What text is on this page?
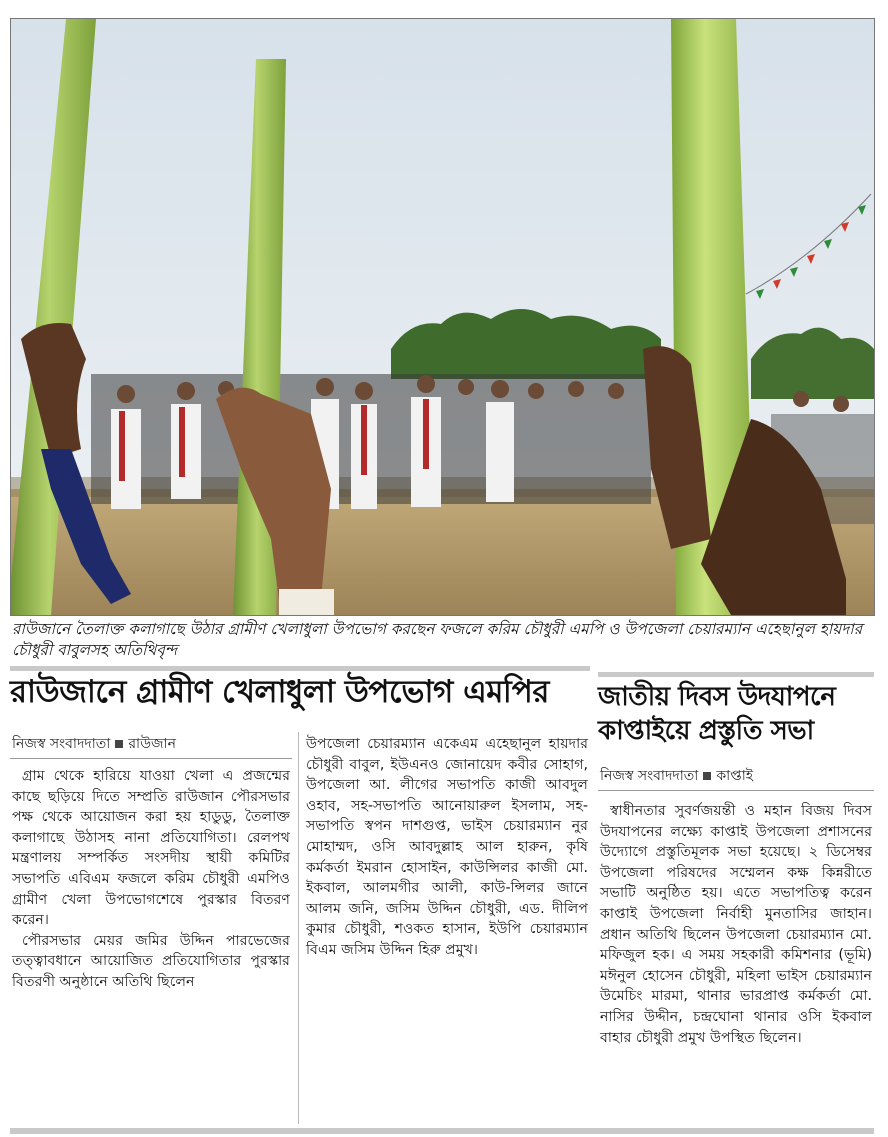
রাউজানে তৈলাক্ত কলাগাছে উঠার গ্রামীণ খেলাধুলা উপভোগ করছেন ফজলে করিম চৌধুরী এমপি ও উপজেলা চেয়ারম্যান এহেছানুল হায়দার চৌধুরী বাবুলসহ অতিথিবৃন্দ
রাউজানে গ্রামীণ খেলাধুলা উপভোগ এমপির
নিজস্ব সংবাদদাতা রাউজান

গ্রাম থেকে হারিয়ে যাওয়া খেলা এ প্রজন্মের কাছে ছড়িয়ে দিতে সম্প্রতি রাউজান পৌরসভার পক্ষ থেকে আয়োজন করা হয় হাডুডু, তৈলাক্ত কলাগাছে উঠাসহ নানা প্রতিযোগিতা। রেলপথ মন্ত্রণালয় সম্পর্কিত সংসদীয় স্থায়ী কমিটির সভাপতি এবিএম ফজলে করিম চৌধুরী এমপিও গ্রামীণ খেলা উপভোগশেষে পুরস্কার বিতরণ করেন।

পৌরসভার মেয়র জমির উদ্দিন পারভেজের তত্ত্বাবধানে আয়োজিত প্রতিযোগিতার পুরস্কার বিতরণী অনুষ্ঠানে অতিথি ছিলেন

উপজেলা চেয়ারম্যান একেএম এহেছানুল হায়দার চৌধুরী বাবুল, ইউএনও জোনায়েদ কবীর সোহাগ, উপজেলা আ. লীগের সভাপতি কাজী আবদুল ওহাব, সহ-সভাপতি আনোয়ারুল ইসলাম, সহ-সভাপতি স্বপন দাশগুপ্ত, ভাইস চেয়ারম্যান নুর মোহাম্মদ, ওসি আবদুল্লাহ আল হারুন, কৃষি কর্মকর্তা ইমরান হোসাইন, কাউন্সিলর কাজী মো. ইকবাল, আলমগীর আলী, কাউ-ন্সিলর জানে আলম জনি, জসিম উদ্দিন চৌধুরী, এড. দীলিপ কুমার চৌধুরী, শওকত হাসান, ইউপি চেয়ারম্যান বিএম জসিম উদ্দিন হিরু প্রমুখ।

জাতীয় দিবস উদযাপনে কাপ্তাইয়ে প্রস্তুতি সভা
নিজস্ব সংবাদদাতা কাপ্তাই

স্বাধীনতার সুবর্ণজয়ন্তী ও মহান বিজয় দিবস উদযাপনের লক্ষ্যে কাপ্তাই উপজেলা প্রশাসনের উদ্যোগে প্রস্তুতিমূলক সভা হয়েছে। ২ ডিসেম্বর উপজেলা পরিষদের সম্মেলন কক্ষ কিন্নরীতে সভাটি অনুষ্ঠিত হয়। এতে সভাপতিত্ব করেন কাপ্তাই উপজেলা নির্বাহী মুনতাসির জাহান। প্রধান অতিথি ছিলেন উপজেলা চেয়ারম্যান মো. মফিজুল হক। এ সময় সহকারী কমিশনার (ভূমি) মঈনুল হোসেন চৌধুরী, মহিলা ভাইস চেয়ারম্যান উমেচিং মারমা, থানার ভারপ্রাপ্ত কর্মকর্তা মো. নাসির উদ্দীন, চন্দ্রঘোনা থানার ওসি ইকবাল বাহার চৌধুরী প্রমুখ উপস্থিত ছিলেন।
